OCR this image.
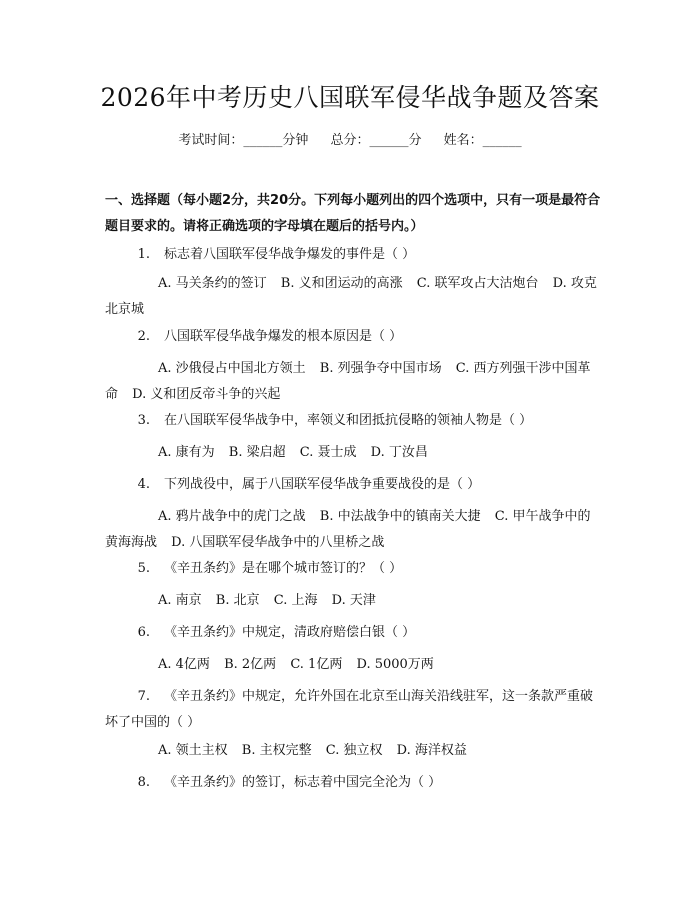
2026年中考历史八国联军侵华战争题及答案
考试时间：______分钟 总分：______分 姓名：______
一、选择题（每小题2分，共20分。下列每小题列出的四个选项中，只有一项是最符合题目要求的。请将正确选项的字母填在题后的括号内。）
1. 标志着八国联军侵华战争爆发的事件是（ ）
A. 马关条约的签订 B. 义和团运动的高涨 C. 联军攻占大沽炮台 D. 攻克北京城
2. 八国联军侵华战争爆发的根本原因是（ ）
A. 沙俄侵占中国北方领土 B. 列强争夺中国市场 C. 西方列强干涉中国革命 D. 义和团反帝斗争的兴起
3. 在八国联军侵华战争中，率领义和团抵抗侵略的领袖人物是（ ）
A. 康有为 B. 梁启超 C. 聂士成 D. 丁汝昌
4. 下列战役中，属于八国联军侵华战争重要战役的是（ ）
A. 鸦片战争中的虎门之战 B. 中法战争中的镇南关大捷 C. 甲午战争中的黄海海战 D. 八国联军侵华战争中的八里桥之战
5. 《辛丑条约》是在哪个城市签订的？（ ）
A. 南京 B. 北京 C. 上海 D. 天津
6. 《辛丑条约》中规定，清政府赔偿白银（ ）
A. 4亿两 B. 2亿两 C. 1亿两 D. 5000万两
7. 《辛丑条约》中规定，允许外国在北京至山海关沿线驻军，这一条款严重破坏了中国的（ ）
A. 领土主权 B. 主权完整 C. 独立权 D. 海洋权益
8. 《辛丑条约》的签订，标志着中国完全沦为（ ）
